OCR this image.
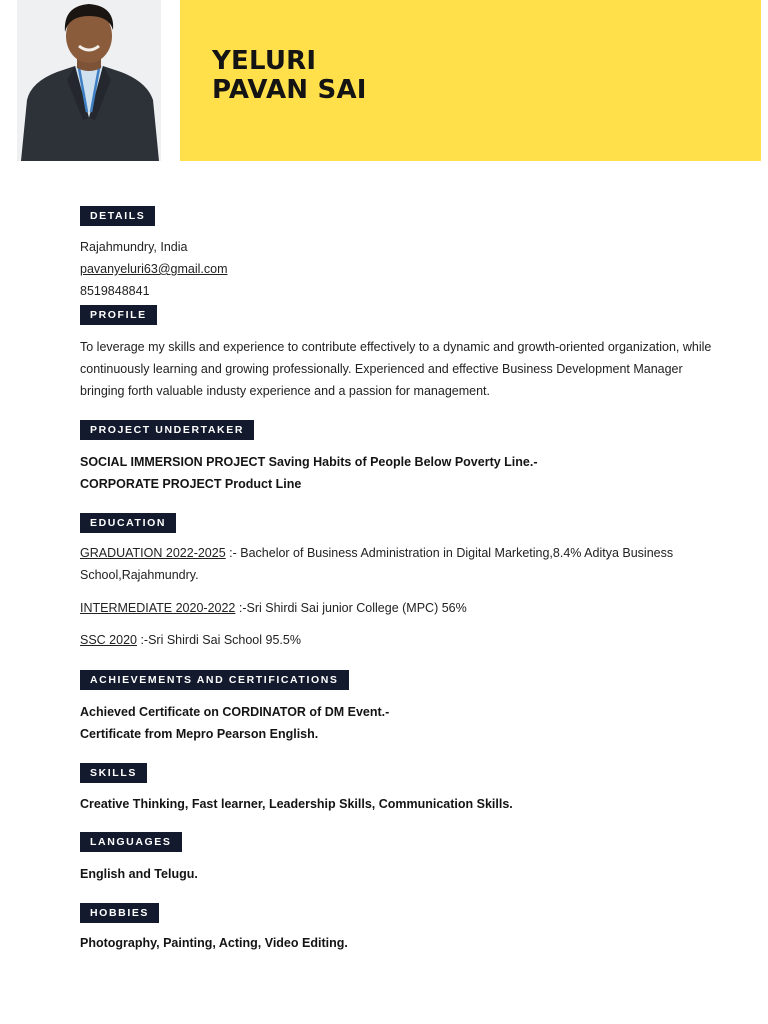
YELURI
PAVAN SAI
DETAILS
Rajahmundry, India
pavanyeluri63@gmail.com
8519848841
PROFILE
To leverage my skills and experience to contribute effectively to a dynamic and growth-oriented organization, while continuously learning and growing professionally. Experienced and effective Business Development Manager bringing forth valuable industy experience and a passion for management.
PROJECT UNDERTAKER
SOCIAL IMMERSION PROJECT Saving Habits of People Below Poverty Line.-
CORPORATE PROJECT Product Line
EDUCATION
GRADUATION 2022-2025 :- Bachelor of Business Administration in Digital Marketing,8.4% Aditya Business School,Rajahmundry.
INTERMEDIATE 2020-2022 :-Sri Shirdi Sai junior College (MPC) 56%
SSC 2020 :-Sri Shirdi Sai School 95.5%
ACHIEVEMENTS AND CERTIFICATIONS
Achieved Certificate on CORDINATOR of DM Event.-
Certificate from Mepro Pearson English.
SKILLS
Creative Thinking, Fast learner, Leadership Skills, Communication Skills.
LANGUAGES
English and Telugu.
HOBBIES
Photography, Painting, Acting, Video Editing.
